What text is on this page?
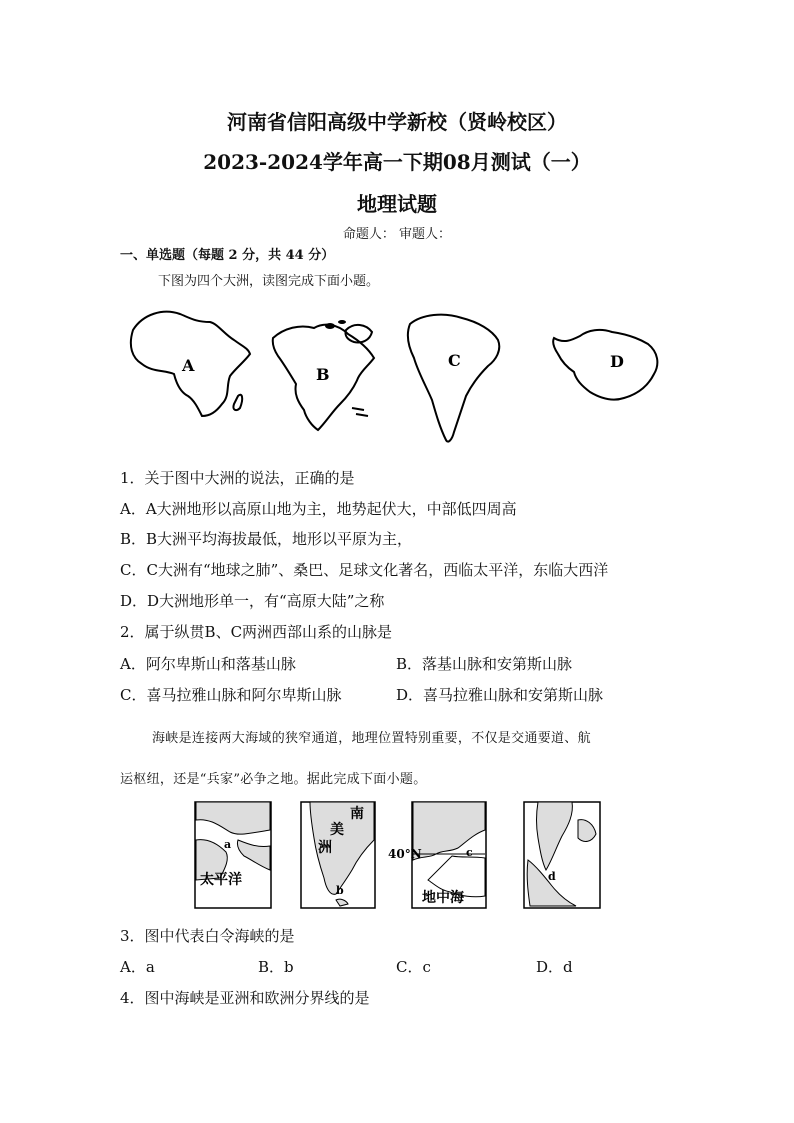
河南省信阳高级中学新校（贤岭校区）
2023-2024学年高一下期08月测试（一）
地理试题
命题人： 审题人：
一、单选题（每题 2 分，共 44 分）
下图为四个大洲，读图完成下面小题。
A	B
C	D
1．关于图中大洲的说法，正确的是
A．A大洲地形以高原山地为主，地势起伏大，中部低四周高
B．B大洲平均海拔最低，地形以平原为主，
C．C大洲有“地球之肺”、桑巴、足球文化著名，西临太平洋，东临大西洋
D．D大洲地形单一，有“高原大陆”之称
2．属于纵贯B、C两洲西部山系的山脉是
A．阿尔卑斯山和落基山脉	B．落基山脉和安第斯山脉
C．喜马拉雅山脉和阿尔卑斯山脉	D．喜马拉雅山脉和安第斯山脉
海峡是连接两大海域的狭窄通道，地理位置特别重要，不仅是交通要道、航
运枢纽，还是“兵家”必争之地。据此完成下面小题。
a
太平洋
南
美
洲
b
40°N	c
地中海
d
3．图中代表白令海峡的是
A．a	B．b	C．c	D．d
4．图中海峡是亚洲和欧洲分界线的是
